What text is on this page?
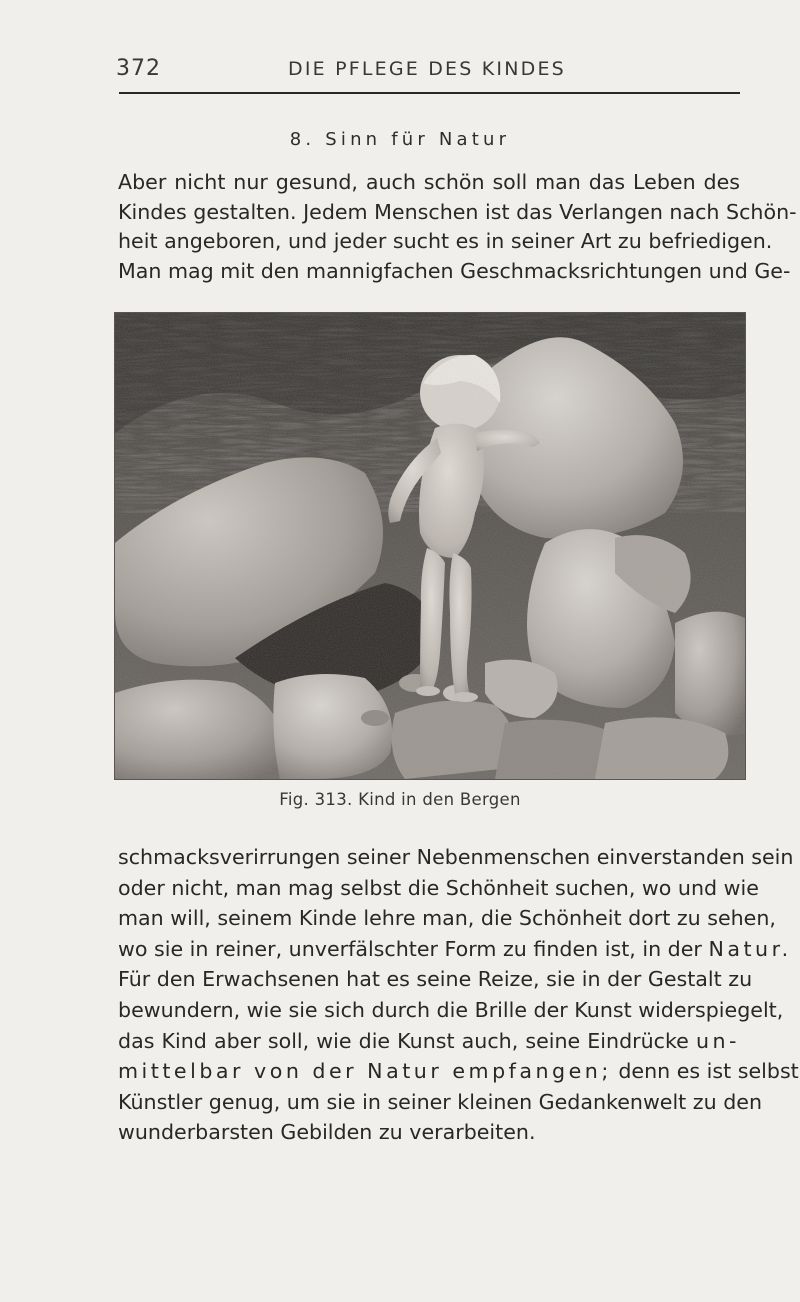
372	DIE PFLEGE DES KINDES
8. Sinn für Natur
Aber nicht nur gesund, auch schön soll man das Leben des
Kindes gestalten. Jedem Menschen ist das Verlangen nach Schön-
heit angeboren, und jeder sucht es in seiner Art zu befriedigen.
Man mag mit den mannigfachen Geschmacksrichtungen und Ge-
Fig. 313. Kind in den Bergen
schmacksverirrungen seiner Nebenmenschen einverstanden sein
oder nicht, man mag selbst die Schönheit suchen, wo und wie
man will, seinem Kinde lehre man, die Schönheit dort zu sehen,
wo sie in reiner, unverfälschter Form zu finden ist, in der Natur.
Für den Erwachsenen hat es seine Reize, sie in der Gestalt zu
bewundern, wie sie sich durch die Brille der Kunst widerspiegelt,
das Kind aber soll, wie die Kunst auch, seine Eindrücke un-
mittelbar von der Natur empfangen; denn es ist selbst
Künstler genug, um sie in seiner kleinen Gedankenwelt zu den
wunderbarsten Gebilden zu verarbeiten.
